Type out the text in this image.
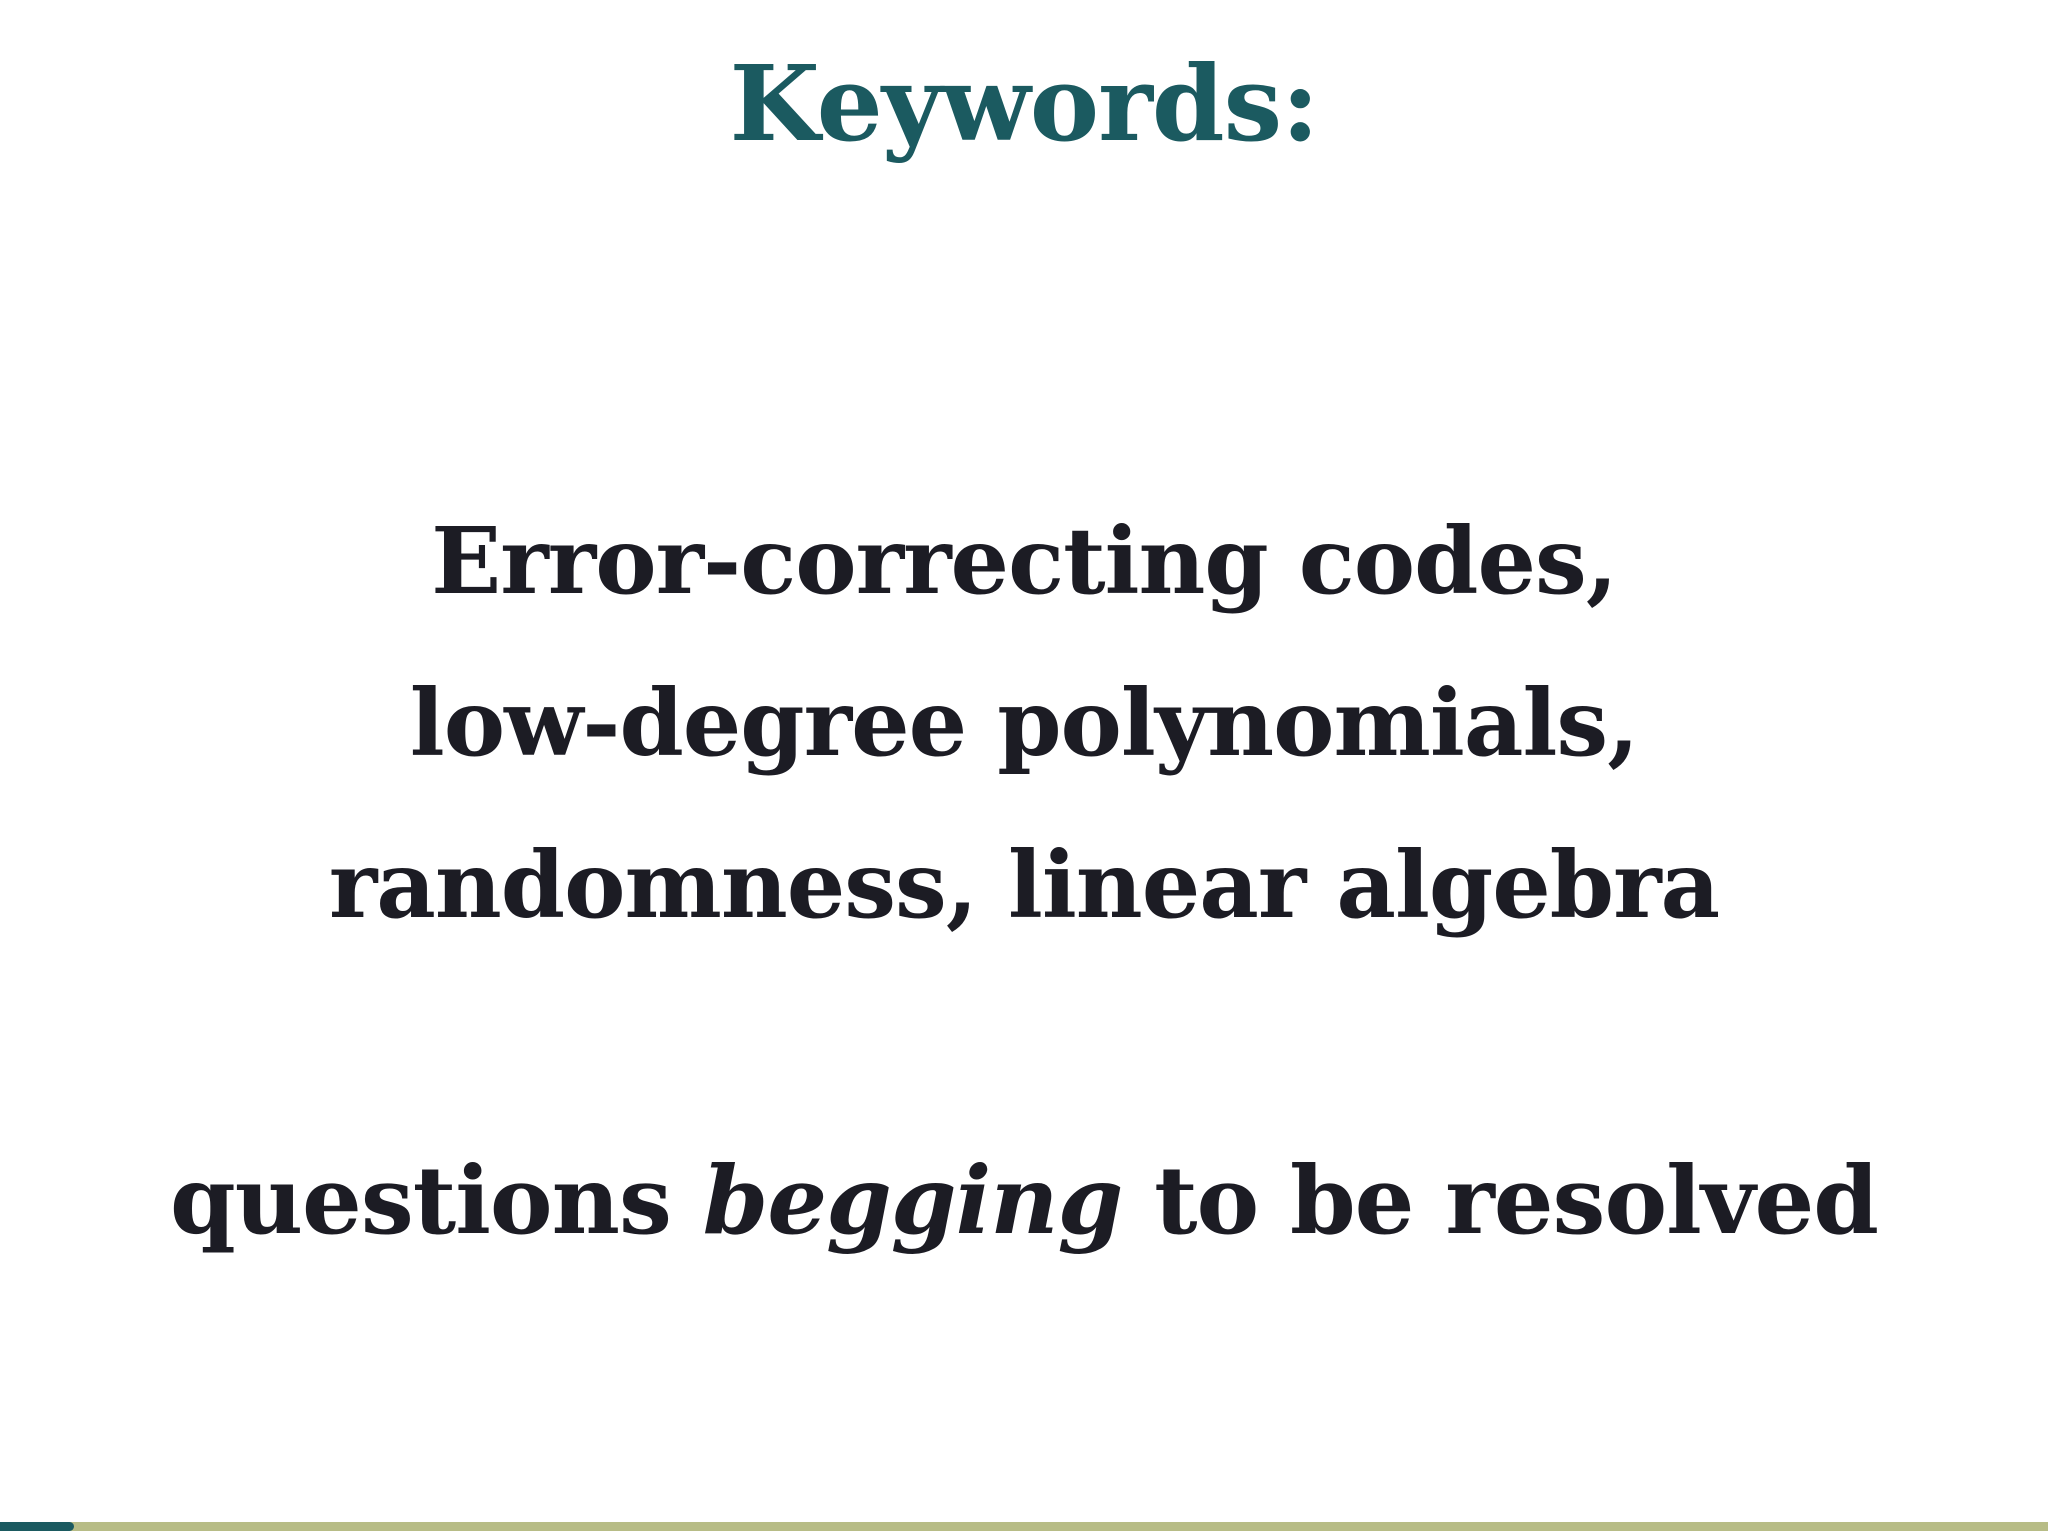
Keywords:
Error-correcting codes,
low-degree polynomials,
randomness, linear algebra
questions begging to be resolved
